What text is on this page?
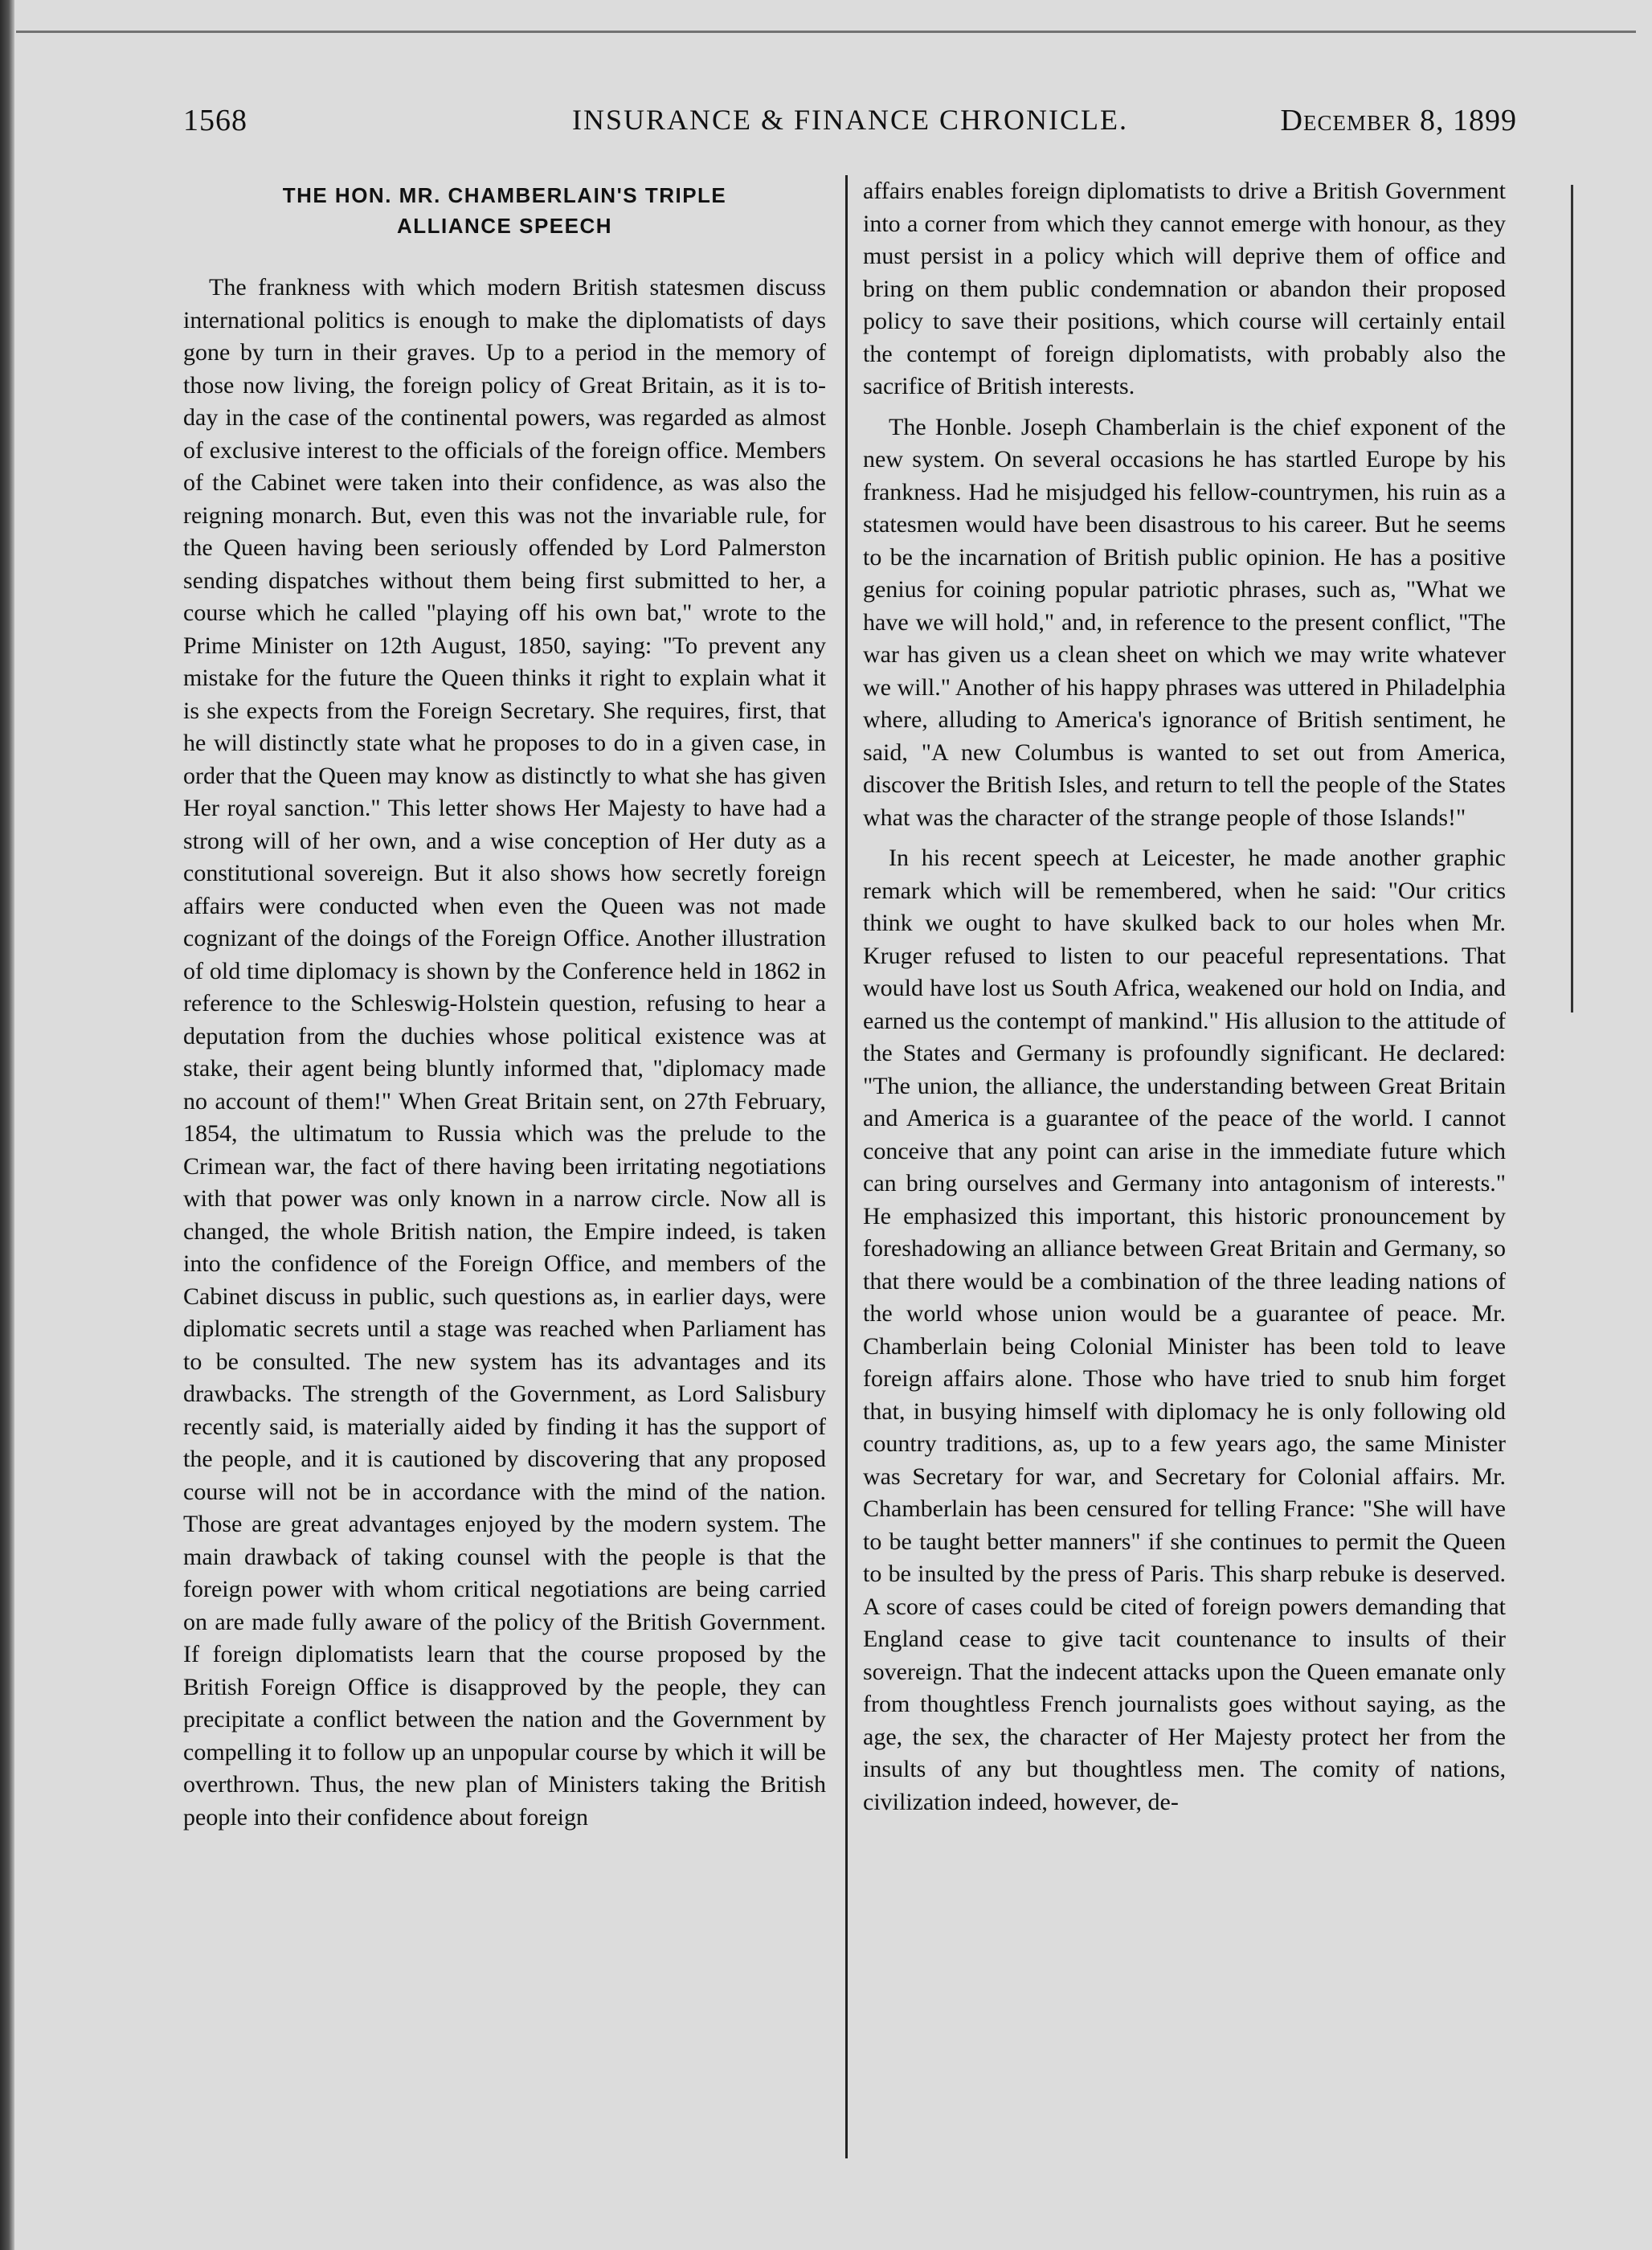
1568	INSURANCE & FINANCE CHRONICLE.	December 8, 1899
THE HON. MR. CHAMBERLAIN'S TRIPLE
ALLIANCE SPEECH

The frankness with which modern British statesmen discuss international politics is enough to make the diplomatists of days gone by turn in their graves. Up to a period in the memory of those now living, the foreign policy of Great Britain, as it is to-day in the case of the continental powers, was regarded as almost of exclusive interest to the officials of the foreign office. Members of the Cabinet were taken into their confidence, as was also the reigning monarch. But, even this was not the invariable rule, for the Queen having been seriously offended by Lord Palmerston sending dispatches without them being first submitted to her, a course which he called "playing off his own bat," wrote to the Prime Minister on 12th August, 1850, saying: "To prevent any mistake for the future the Queen thinks it right to explain what it is she expects from the Foreign Secretary. She requires, first, that he will distinctly state what he proposes to do in a given case, in order that the Queen may know as distinctly to what she has given Her royal sanction." This letter shows Her Majesty to have had a strong will of her own, and a wise conception of Her duty as a constitutional sovereign. But it also shows how secretly foreign affairs were conducted when even the Queen was not made cognizant of the doings of the Foreign Office. Another illustration of old time diplomacy is shown by the Conference held in 1862 in reference to the Schleswig-Holstein question, refusing to hear a deputation from the duchies whose political existence was at stake, their agent being bluntly informed that, "diplomacy made no account of them!" When Great Britain sent, on 27th February, 1854, the ultimatum to Russia which was the prelude to the Crimean war, the fact of there having been irritating negotiations with that power was only known in a narrow circle. Now all is changed, the whole British nation, the Empire indeed, is taken into the confidence of the Foreign Office, and members of the Cabinet discuss in public, such questions as, in earlier days, were diplomatic secrets until a stage was reached when Parliament has to be consulted. The new system has its advantages and its drawbacks. The strength of the Government, as Lord Salisbury recently said, is materially aided by finding it has the support of the people, and it is cautioned by discovering that any proposed course will not be in accordance with the mind of the nation. Those are great advantages enjoyed by the modern system. The main drawback of taking counsel with the people is that the foreign power with whom critical negotiations are being carried on are made fully aware of the policy of the British Government. If foreign diplomatists learn that the course proposed by the British Foreign Office is disapproved by the people, they can precipitate a conflict between the nation and the Government by compelling it to follow up an unpopular course by which it will be overthrown. Thus, the new plan of Ministers taking the British people into their confidence about foreign

affairs enables foreign diplomatists to drive a British Government into a corner from which they cannot emerge with honour, as they must persist in a policy which will deprive them of office and bring on them public condemnation or abandon their proposed policy to save their positions, which course will certainly entail the contempt of foreign diplomatists, with probably also the sacrifice of British interests.

The Honble. Joseph Chamberlain is the chief exponent of the new system. On several occasions he has startled Europe by his frankness. Had he misjudged his fellow-countrymen, his ruin as a statesmen would have been disastrous to his career. But he seems to be the incarnation of British public opinion. He has a positive genius for coining popular patriotic phrases, such as, "What we have we will hold," and, in reference to the present conflict, "The war has given us a clean sheet on which we may write whatever we will." Another of his happy phrases was uttered in Philadelphia where, alluding to America's ignorance of British sentiment, he said, "A new Columbus is wanted to set out from America, discover the British Isles, and return to tell the people of the States what was the character of the strange people of those Islands!"

In his recent speech at Leicester, he made another graphic remark which will be remembered, when he said: "Our critics think we ought to have skulked back to our holes when Mr. Kruger refused to listen to our peaceful representations. That would have lost us South Africa, weakened our hold on India, and earned us the contempt of mankind." His allusion to the attitude of the States and Germany is profoundly significant. He declared: "The union, the alliance, the understanding between Great Britain and America is a guarantee of the peace of the world. I cannot conceive that any point can arise in the immediate future which can bring ourselves and Germany into antagonism of interests." He emphasized this important, this historic pronouncement by foreshadowing an alliance between Great Britain and Germany, so that there would be a combination of the three leading nations of the world whose union would be a guarantee of peace. Mr. Chamberlain being Colonial Minister has been told to leave foreign affairs alone. Those who have tried to snub him forget that, in busying himself with diplomacy he is only following old country traditions, as, up to a few years ago, the same Minister was Secretary for war, and Secretary for Colonial affairs. Mr. Chamberlain has been censured for telling France: "She will have to be taught better manners" if she continues to permit the Queen to be insulted by the press of Paris. This sharp rebuke is deserved. A score of cases could be cited of foreign powers demanding that England cease to give tacit countenance to insults of their sovereign. That the indecent attacks upon the Queen emanate only from thoughtless French journalists goes without saying, as the age, the sex, the character of Her Majesty protect her from the insults of any but thoughtless men. The comity of nations, civilization indeed, however, de-
